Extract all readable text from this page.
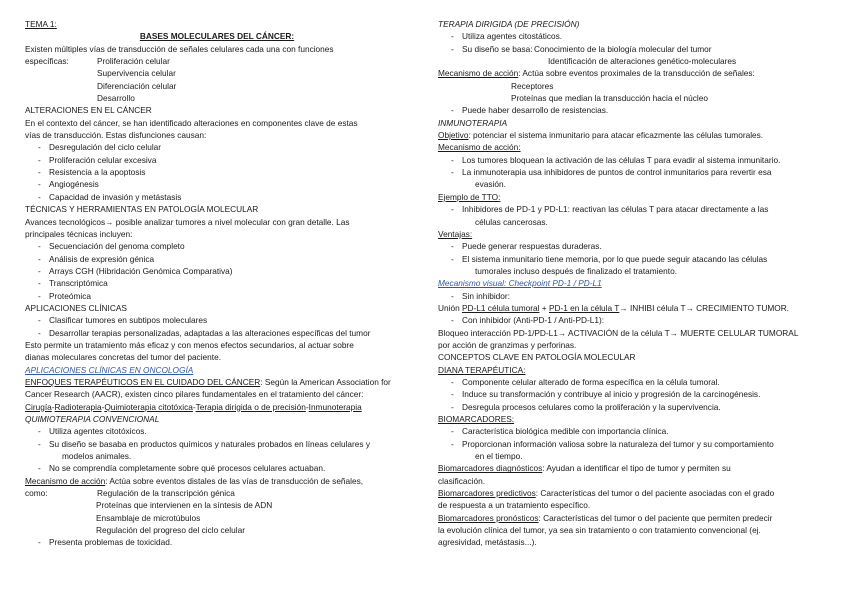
TEMA 1:
BASES MOLECULARES DEL CÁNCER:
Existen múltiples vías de transducción de señales celulares cada una con funciones
específicas:	Proliferación celular
Supervivencia celular
Diferenciación celular
Desarrollo
ALTERACIONES EN EL CÁNCER
En el contexto del cáncer, se han identificado alteraciones en componentes clave de estas
vías de transducción. Estas disfunciones causan:
- Desregulación del ciclo celular
- Proliferación celular excesiva
- Resistencia a la apoptosis
- Angiogénesis
- Capacidad de invasión y metástasis
TÉCNICAS Y HERRAMIENTAS EN PATOLOGÍA MOLECULAR
Avances tecnológicos→ posible analizar tumores a nivel molecular con gran detalle. Las
principales técnicas incluyen:
- Secuenciación del genoma completo
- Análisis de expresión génica
- Arrays CGH (Hibridación Genómica Comparativa)
- Transcriptómica
- Proteómica
APLICACIONES CLÍNICAS
- Clasificar tumores en subtipos moleculares
- Desarrollar terapias personalizadas, adaptadas a las alteraciones específicas del tumor
Esto permite un tratamiento más eficaz y con menos efectos secundarios, al actuar sobre
dianas moleculares concretas del tumor del paciente.
APLICACIONES CLÍNICAS EN ONCOLOGÍA
ENFOQUES TERAPÉUTICOS EN EL CUIDADO DEL CÁNCER: Según la American Association for
Cancer Research (AACR), existen cinco pilares fundamentales en el tratamiento del cáncer:
Cirugía-Radioterapia-Quimioterapia citotóxica-Terapia dirigida o de precisión-Inmunoterapia
QUIMIOTERAPIA CONVENCIONAL
- Utiliza agentes citotóxicos.
- Su diseño se basaba en productos químicos y naturales probados en líneas celulares y
modelos animales.
- No se comprendía completamente sobre qué procesos celulares actuaban.
Mecanismo de acción: Actúa sobre eventos distales de las vías de transducción de señales,
como:	Regulación de la transcripción génica
Proteínas que intervienen en la síntesis de ADN
Ensamblaje de microtúbulos
Regulación del progreso del ciclo celular
- Presenta problemas de toxicidad.
TERAPIA DIRIGIDA (DE PRECISIÓN)
- Utiliza agentes citostáticos.
- Su diseño se basa:Conocimiento de la biología molecular del tumor
Identificación de alteraciones genético-moleculares
Mecanismo de acción: Actúa sobre eventos proximales de la transducción de señales:
Receptores
Proteínas que median la transducción hacia el núcleo
- Puede haber desarrollo de resistencias.
INMUNOTERAPIA
Objetivo: potenciar el sistema inmunitario para atacar eficazmente las células tumorales.
Mecanismo de acción:
- Los tumores bloquean la activación de las células T para evadir al sistema inmunitario.
- La inmunoterapia usa inhibidores de puntos de control inmunitarios para revertir esa
evasión.
Ejemplo de TTO:
- Inhibidores de PD-1 y PD-L1: reactivan las células T para atacar directamente a las
células cancerosas.
Ventajas:
- Puede generar respuestas duraderas.
- El sistema inmunitario tiene memoria, por lo que puede seguir atacando las células
tumorales incluso después de finalizado el tratamiento.
Mecanismo visual: Checkpoint PD-1 / PD-L1
- Sin inhibidor:
Unión PD-L1 célula tumoral + PD-1 en la célula T→ INHIBI célula T→ CRECIMIENTO TUMOR.
- Con inhibidor (Anti-PD-1 / Anti-PD-L1):
Bloqueo interacción PD-1/PD-L1→ ACTIVACIÓN de la célula T→ MUERTE CELULAR TUMORAL
por acción de granzimas y perforinas.
CONCEPTOS CLAVE EN PATOLOGÍA MOLECULAR
DIANA TERAPÉUTICA:
- Componente celular alterado de forma específica en la célula tumoral.
- Induce su transformación y contribuye al inicio y progresión de la carcinogénesis.
- Desregula procesos celulares como la proliferación y la supervivencia.
BIOMARCADORES:
- Característica biológica medible con importancia clínica.
- Proporcionan información valiosa sobre la naturaleza del tumor y su comportamiento
en el tiempo.
Biomarcadores diagnósticos: Ayudan a identificar el tipo de tumor y permiten su
clasificación.
Biomarcadores predictivos: Características del tumor o del paciente asociadas con el grado
de respuesta a un tratamiento específico.
Biomarcadores pronósticos: Características del tumor o del paciente que permiten predecir
la evolución clínica del tumor, ya sea sin tratamiento o con tratamiento convencional (ej.
agresividad, metástasis...).
